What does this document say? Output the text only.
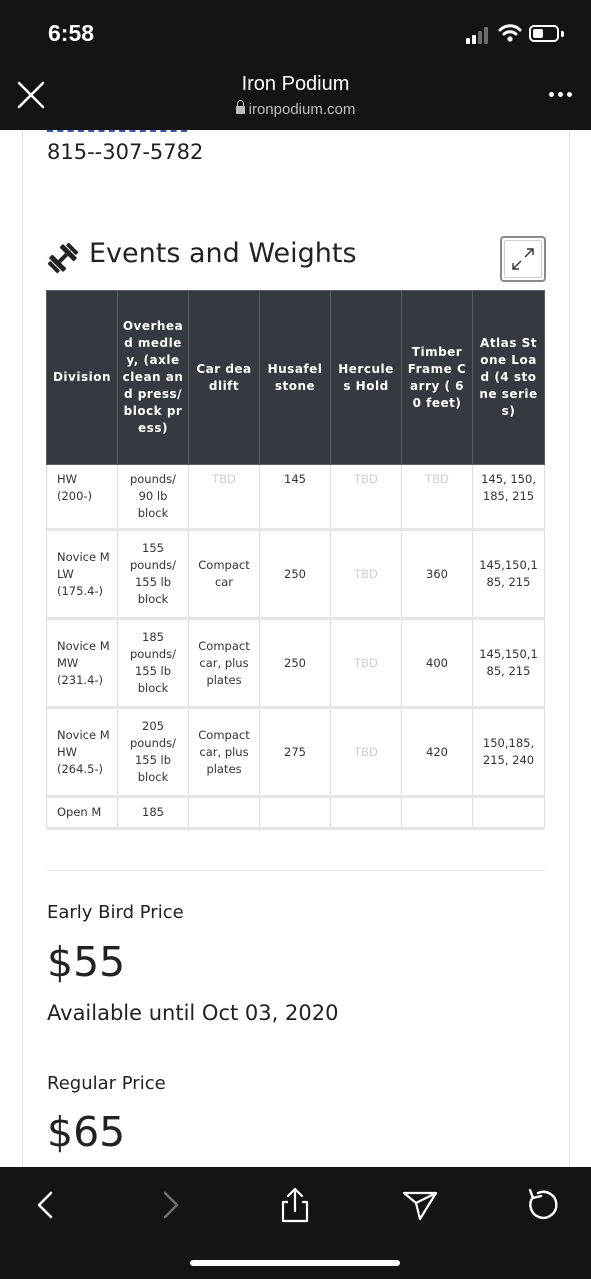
6:58
Iron Podium
ironpodium.com
815--307-5782
Events and Weights
Division	Overhead medley, (axle clean and press/ block press)	Car deadlift	Husafel stone	Hercules Hold	Timber Frame Carry ( 60 feet)	Atlas Stone Load (4 stone series)
HW (200-)	pounds/ 90 lb block	TBD	145	TBD	TBD	145, 150, 185, 215
Novice M LW (175.4-)	155 pounds/ 155 lb block	Compact car	250	TBD	360	145,150,185, 215
Novice M MW (231.4-)	185 pounds/ 155 lb block	Compact car, plus plates	250	TBD	400	145,150,185, 215
Novice M HW (264.5-)	205 pounds/ 155 lb block	Compact car, plus plates	275	TBD	420	150,185, 215, 240
Open M	185					
Early Bird Price
$55
Available until Oct 03, 2020
Regular Price
$65
